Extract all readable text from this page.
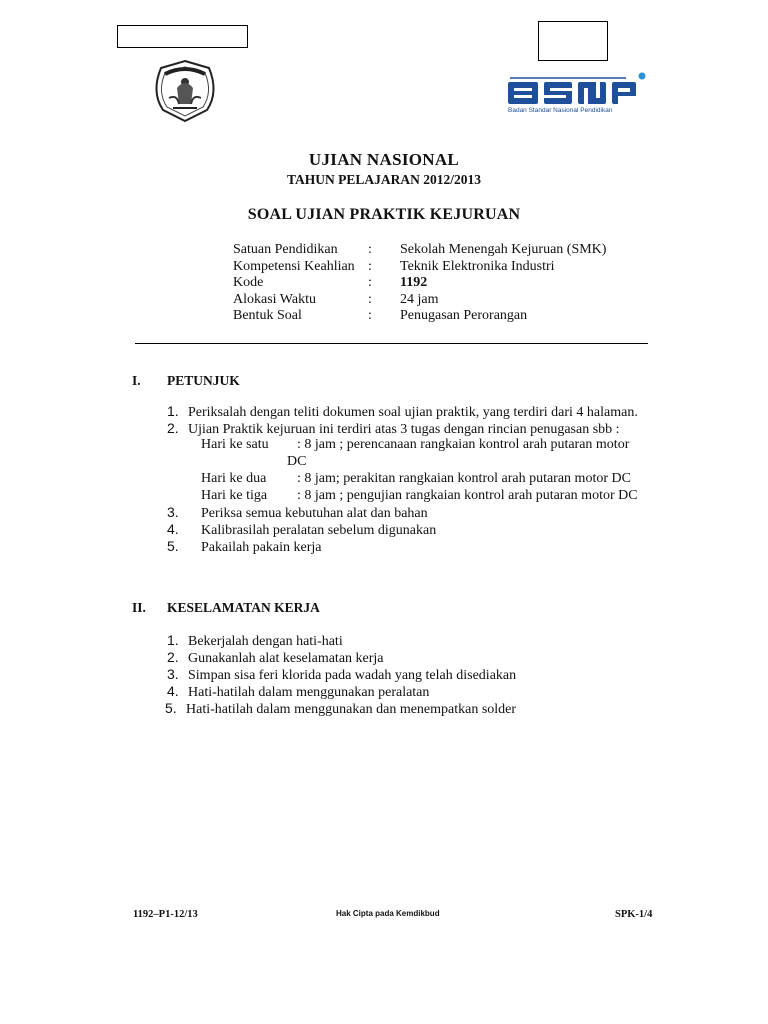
Badan Standar Nasional Pendidikan
UJIAN NASIONAL
TAHUN PELAJARAN 2012/2013
SOAL UJIAN PRAKTIK KEJURUAN
Satuan Pendidikan : Sekolah Menengah Kejuruan (SMK)
Kompetensi Keahlian : Teknik Elektronika Industri
Kode	: 1192
Alokasi Waktu	: 24 jam
Bentuk Soal	: Penugasan Perorangan
I. PETUNJUK
1. Periksalah dengan teliti dokumen soal ujian praktik, yang terdiri dari 4 halaman.
2. Ujian Praktik kejuruan ini terdiri atas 3 tugas dengan rincian penugasan sbb :
Hari ke satu : 8 jam ; perencanaan rangkaian kontrol arah putaran motor
DC
Hari ke dua : 8 jam; perakitan rangkaian kontrol arah putaran motor DC
Hari ke tiga : 8 jam ; pengujian rangkaian kontrol arah putaran motor DC
3. Periksa semua kebutuhan alat dan bahan
4. Kalibrasilah peralatan sebelum digunakan
5. Pakailah pakain kerja
II. KESELAMATAN KERJA
1. Bekerjalah dengan hati-hati
2. Gunakanlah alat keselamatan kerja
3. Simpan sisa feri klorida pada wadah yang telah disediakan
4. Hati-hatilah dalam menggunakan peralatan
5. Hati-hatilah dalam menggunakan dan menempatkan solder
1192–P1-12/13	Hak Cipta pada Kemdikbud	SPK-1/4
